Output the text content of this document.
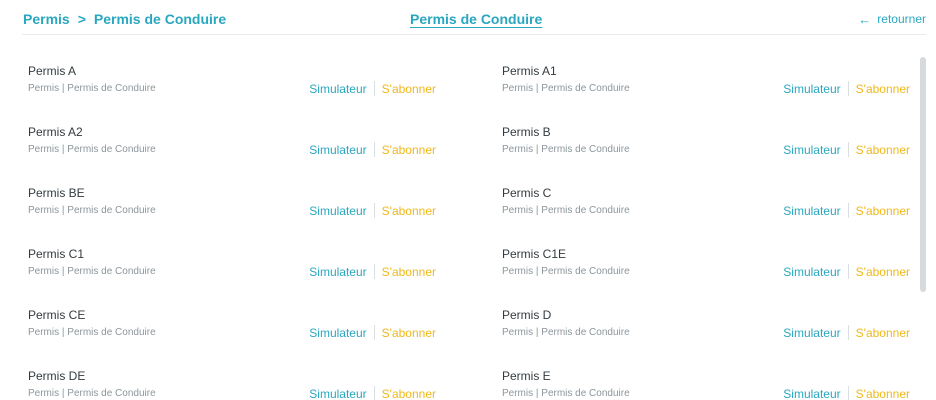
Permis > Permis de Conduire	Permis de Conduire	← retourner
Permis A
Permis | Permis de Conduire	Simulateur S'abonner
Permis A1
Permis | Permis de Conduire	Simulateur S'abonner
Permis A2
Permis | Permis de Conduire	Simulateur S'abonner
Permis B
Permis | Permis de Conduire	Simulateur S'abonner
Permis BE
Permis | Permis de Conduire	Simulateur S'abonner
Permis C
Permis | Permis de Conduire	Simulateur S'abonner
Permis C1
Permis | Permis de Conduire	Simulateur S'abonner
Permis C1E
Permis | Permis de Conduire	Simulateur S'abonner
Permis CE
Permis | Permis de Conduire	Simulateur S'abonner
Permis D
Permis | Permis de Conduire	Simulateur S'abonner
Permis DE
Permis | Permis de Conduire	Simulateur S'abonner
Permis E
Permis | Permis de Conduire	Simulateur S'abonner
